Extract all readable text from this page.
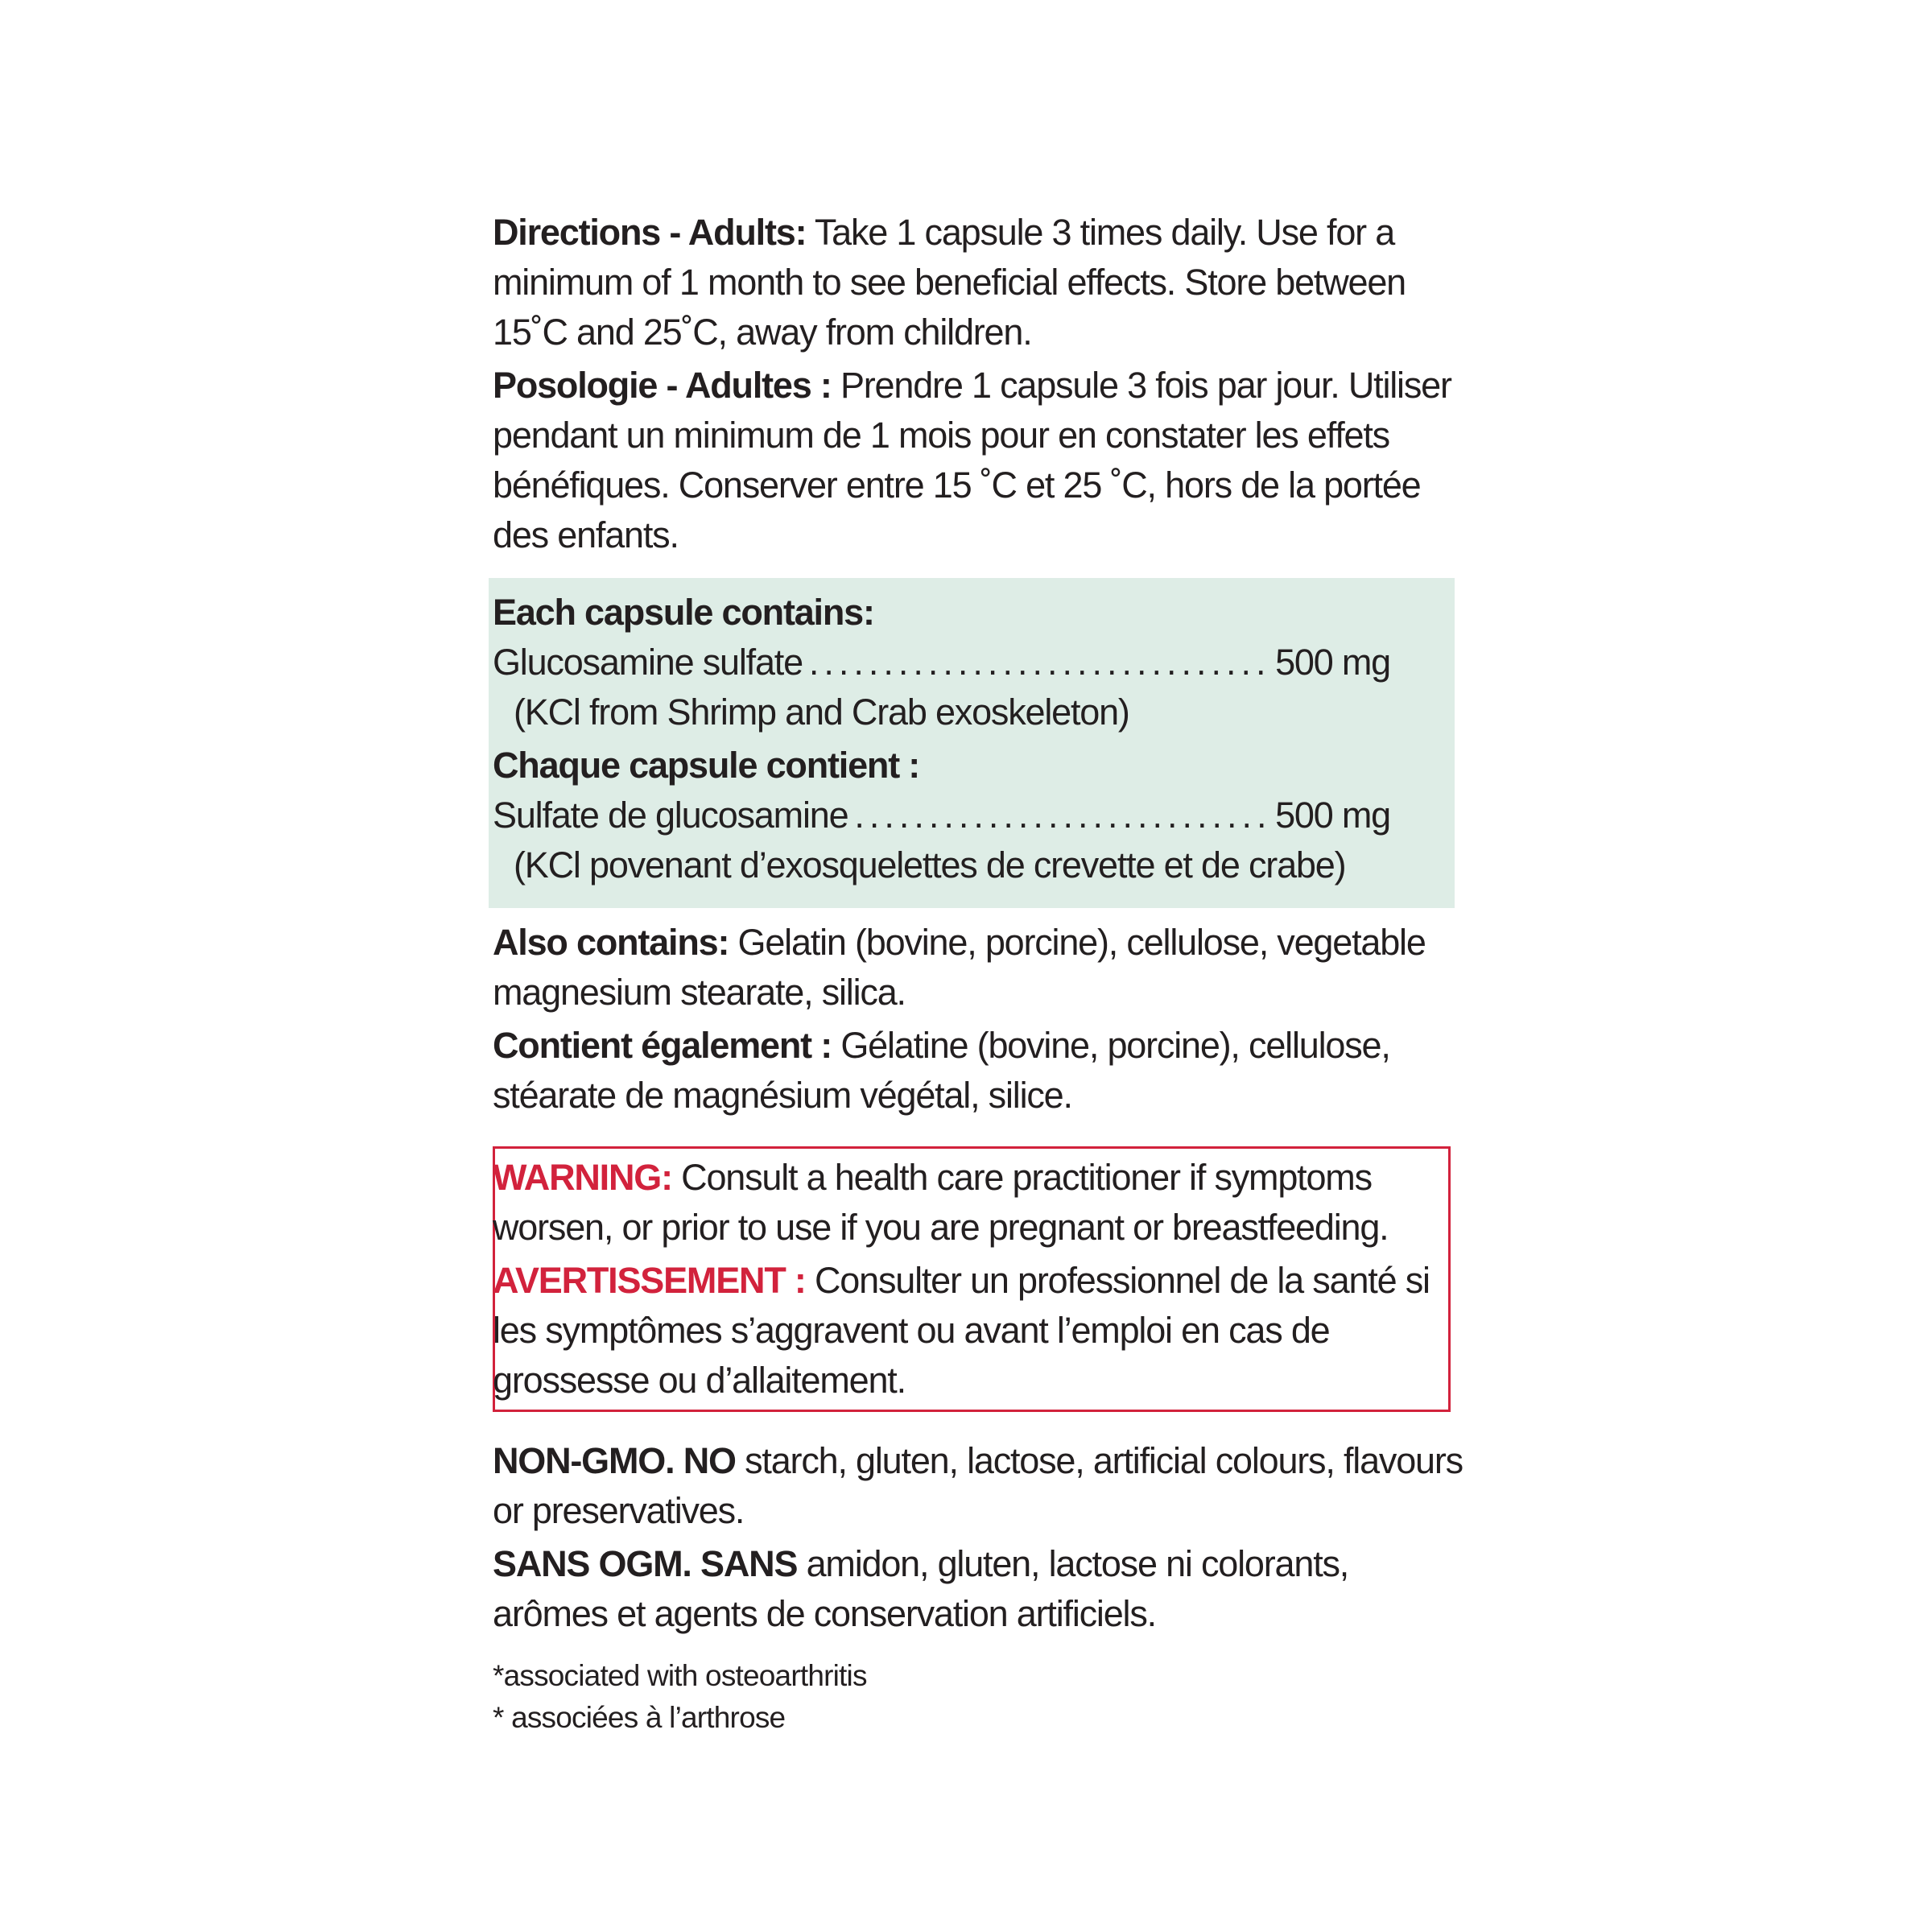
Directions - Adults: Take 1 capsule 3 times daily. Use for a minimum of 1 month to see beneficial effects. Store between 15˚C and 25˚C, away from children.

Posologie - Adultes : Prendre 1 capsule 3 fois par jour. Utiliser pendant un minimum de 1 mois pour en constater les effets bénéfiques. Conserver entre 15 ˚C et 25 ˚C, hors de la portée des enfants.

Each capsule contains:
Glucosamine sulfate .....	500 mg
(KCl from Shrimp and Crab exoskeleton)
Chaque capsule contient :
Sulfate de glucosamine .....	500 mg
(KCl povenant d’exosquelettes de crevette et de crabe)

Also contains: Gelatin (bovine, porcine), cellulose, vegetable magnesium stearate, silica.

Contient également : Gélatine (bovine, porcine), cellulose, stéarate de magnésium végétal, silice.

WARNING: Consult a health care practitioner if symptoms worsen, or prior to use if you are pregnant or breastfeeding.

AVERTISSEMENT : Consulter un professionnel de la santé si les symptômes s’aggravent ou avant l’emploi en cas de grossesse ou d’allaitement.

NON-GMO. NO starch, gluten, lactose, artificial colours, flavours or preservatives.

SANS OGM. SANS amidon, gluten, lactose ni colorants, arômes et agents de conservation artificiels.

*associated with osteoarthritis
* associées à l’arthrose
